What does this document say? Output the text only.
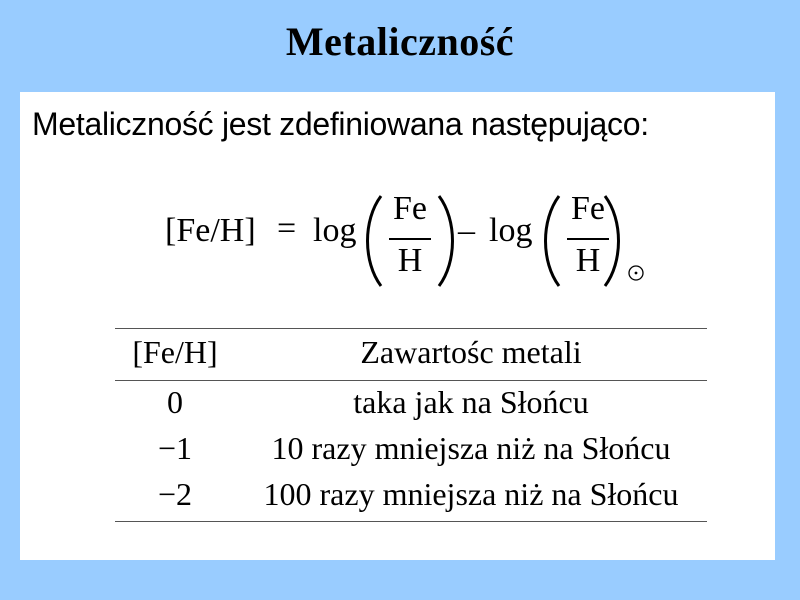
Metaliczność
Metaliczność jest zdefiniowana następująco:
[Fe/H] = log
Fe
H
– log
Fe
H
[Fe/H]	Zawartośc metali
0	taka jak na Słońcu
−1	10 razy mniejsza niż na Słońcu
−2	100 razy mniejsza niż na Słońcu
